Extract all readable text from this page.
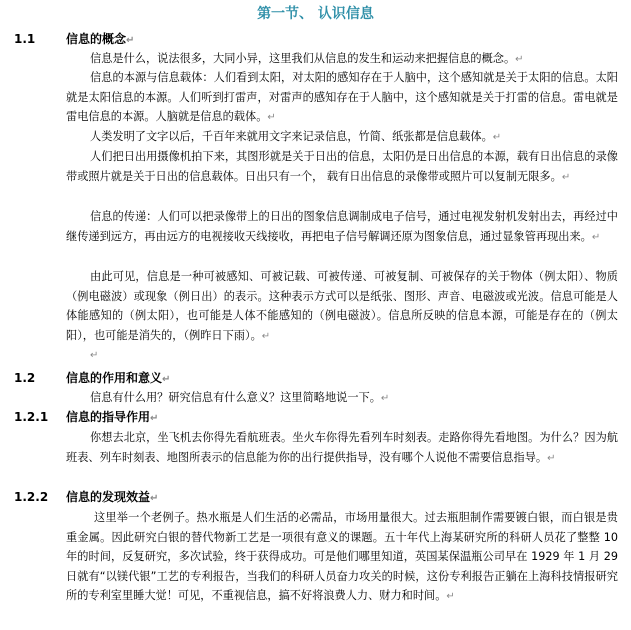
第一节、 认识信息
1.1	信息的概念↵
信息是什么，说法很多，大同小异，这里我们从信息的发生和运动来把握信息的概念。↵
信息的本源与信息载体：人们看到太阳，对太阳的感知存在于人脑中，这个感知就是关于太阳的信息。太阳就是太阳信息的本源。人们听到打雷声，对雷声的感知存在于人脑中，这个感知就是关于打雷的信息。雷电就是雷电信息的本源。人脑就是信息的载体。↵
人类发明了文字以后，千百年来就用文字来记录信息，竹简、纸张都是信息载体。↵
人们把日出用摄像机拍下来，其图形就是关于日出的信息，太阳仍是日出信息的本源，载有日出信息的录像带或照片就是关于日出的信息载体。日出只有一个， 载有日出信息的录像带或照片可以复制无限多。↵
信息的传递：人们可以把录像带上的日出的图象信息调制成电子信号，通过电视发射机发射出去，再经过中继传递到远方，再由远方的电视接收天线接收，再把电子信号解调还原为图象信息，通过显象管再现出来。↵
由此可见，信息是一种可被感知、可被记载、可被传递、可被复制、可被保存的关于物体（例太阳）、物质（例电磁波）或现象（例日出）的表示。这种表示方式可以是纸张、图形、声音、电磁波或光波。信息可能是人体能感知的（例太阳），也可能是人体不能感知的（例电磁波）。信息所反映的信息本源，可能是存在的（例太阳），也可能是消失的，（例昨日下雨）。↵
↵
1.2	信息的作用和意义↵
信息有什么用？研究信息有什么意义？这里简略地说一下。↵
1.2.1 信息的指导作用↵
你想去北京，坐飞机去你得先看航班表。坐火车你得先看列车时刻表。走路你得先看地图。为什么？因为航班表、列车时刻表、地图所表示的信息能为你的出行提供指导，没有哪个人说他不需要信息指导。↵
1.2.2 信息的发现效益↵
这里举一个老例子。热水瓶是人们生活的必需品，市场用量很大。过去瓶胆制作需要镀白银，而白银是贵重金属。因此研究白银的替代物新工艺是一项很有意义的课题。五十年代上海某研究所的科研人员花了整整 10 年的时间，反复研究，多次试验，终于获得成功。可是他们哪里知道，英国某保温瓶公司早在 1929 年 1 月 29 日就有“以镁代银”工艺的专利报告，当我们的科研人员奋力攻关的时候，这份专利报告正躺在上海科技情报研究所的专利室里睡大觉！可见，不重视信息，搞不好将浪费人力、财力和时间。↵
